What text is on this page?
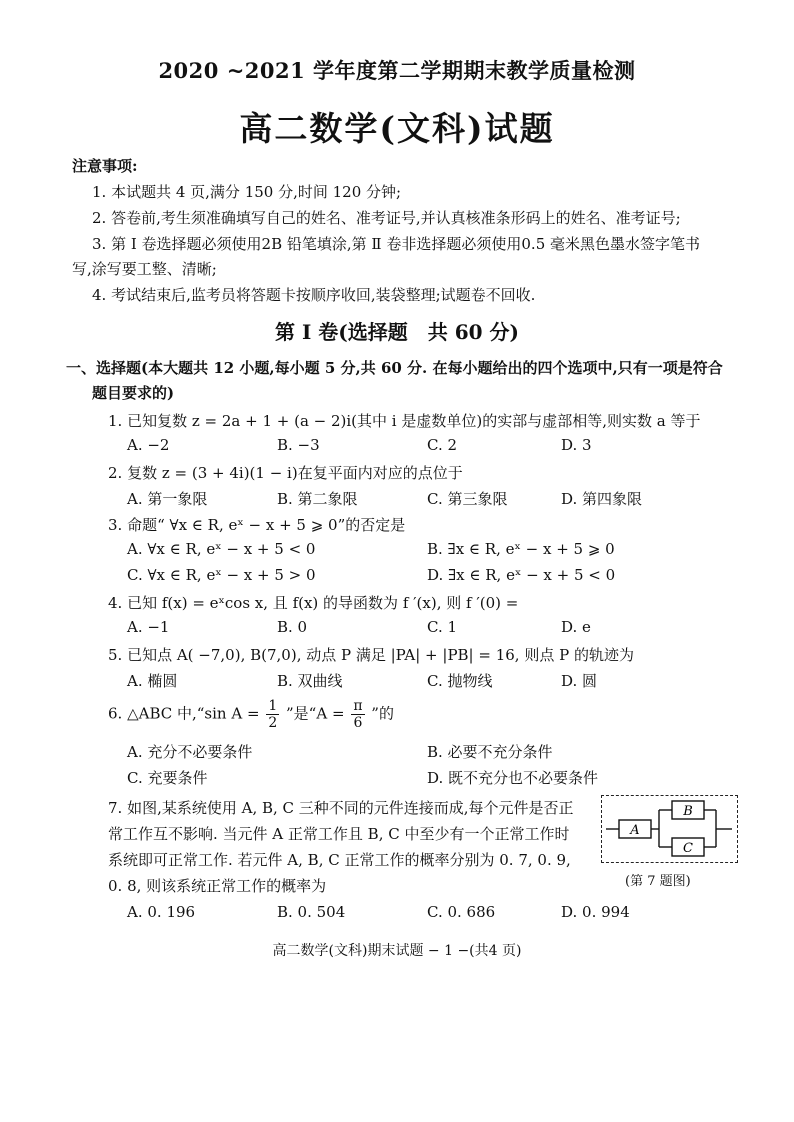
2020 ~2021 学年度第二学期期末教学质量检测
高二数学(文科)试题
注意事项:
1. 本试题共 4 页,满分 150 分,时间 120 分钟;
2. 答卷前,考生须准确填写自己的姓名、准考证号,并认真核准条形码上的姓名、准考证号;
3. 第 Ⅰ 卷选择题必须使用2B 铅笔填涂,第 Ⅱ 卷非选择题必须使用0.5 毫米黑色墨水签字笔书
写,涂写要工整、清晰;
4. 考试结束后,监考员将答题卡按顺序收回,装袋整理;试题卷不回收.
第 Ⅰ 卷(选择题　共 60 分)
一、选择题(本大题共 12 小题,每小题 5 分,共 60 分. 在每小题给出的四个选项中,只有一项是符合
题目要求的)
1. 已知复数 z = 2a + 1 + (a − 2)i(其中 i 是虚数单位)的实部与虚部相等,则实数 a 等于
A. −2	B. −3	C. 2	D. 3
2. 复数 z = (3 + 4i)(1 − i)在复平面内对应的点位于
A. 第一象限	B. 第二象限	C. 第三象限	D. 第四象限
3. 命题“ ∀x ∈ R, eˣ − x + 5 ⩾ 0”的否定是
A. ∀x ∈ R, eˣ − x + 5 < 0	B. ∃x ∈ R, eˣ − x + 5 ⩾ 0
C. ∀x ∈ R, eˣ − x + 5 > 0	D. ∃x ∈ R, eˣ − x + 5 < 0
4. 已知 f(x) = eˣcos x, 且 f(x) 的导函数为 f ′(x), 则 f ′(0) =
A. −1	B. 0	C. 1	D. e
5. 已知点 A( −7,0), B(7,0), 动点 P 满足 |PA| + |PB| = 16, 则点 P 的轨迹为
A. 椭圆	B. 双曲线	C. 抛物线	D. 圆
6. △ABC 中,“sin $A = \frac{1}{2}$ ”是“$A = \frac{\pi}{6}$ ”的
A. 充分不必要条件	B. 必要不充分条件
C. 充要条件	D. 既不充分也不必要条件
7. 如图,某系统使用 A, B, C 三种不同的元件连接而成,每个元件是否正
常工作互不影响. 当元件 A 正常工作且 B, C 中至少有一个正常工作时
系统即可正常工作. 若元件 A, B, C 正常工作的概率分别为 0. 7, 0. 9,
0. 8, 则该系统正常工作的概率为
A
B
C
(第 7 题图)
A. 0. 196	B. 0. 504	C. 0. 686	D. 0. 994
高二数学(文科)期末试题 − 1 −(共4 页)
